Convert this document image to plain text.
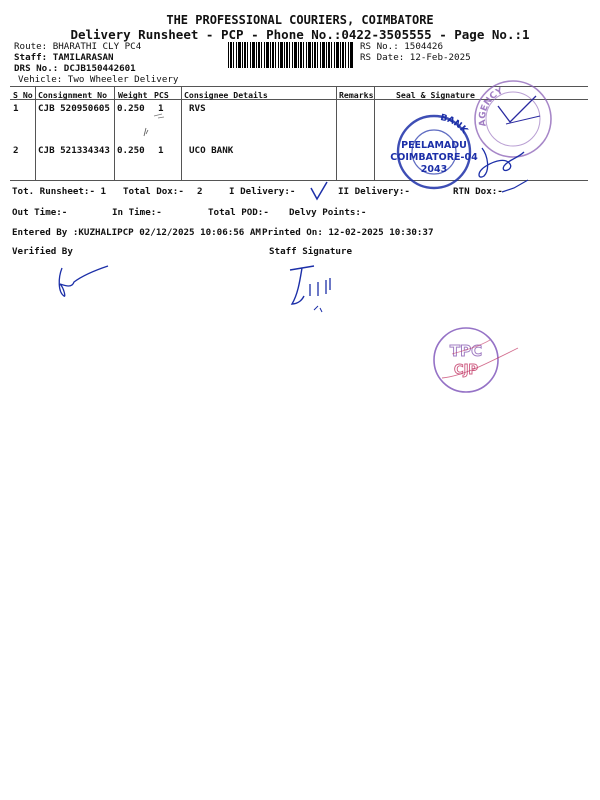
THE PROFESSIONAL COURIERS, COIMBATORE
Delivery Runsheet - PCP - Phone No.:0422-3505555 - Page No.:1
Route: BHARATHI CLY PC4
Staff: TAMILARASAN
DRS No.: DCJB150442601
Vehicle: Two Wheeler Delivery
RS No.: 1504426
RS Date: 12-Feb-2025
S No Consignment No Weight PCS Consignee Details	Remarks	Seal & Signature
1 CJB 520950605 0.250 1	RVS
2 CJB 521334343 0.250 1	UCO BANK
AGENCY
BANK
PEELAMADU
COIMBATORE-04
2043
Tot. Runsheet:- 1 Total Dox:- 2	I Delivery:-	II Delivery:-	RTN Dox:-
Out Time:-	In Time:-	Total POD:- Delvy Points:-
Entered By :KUZHALIPCP 02/12/2025 10:06:56 AM Printed On: 12-02-2025 10:30:37
Verified By	Staff Signature
TPC
CJP
